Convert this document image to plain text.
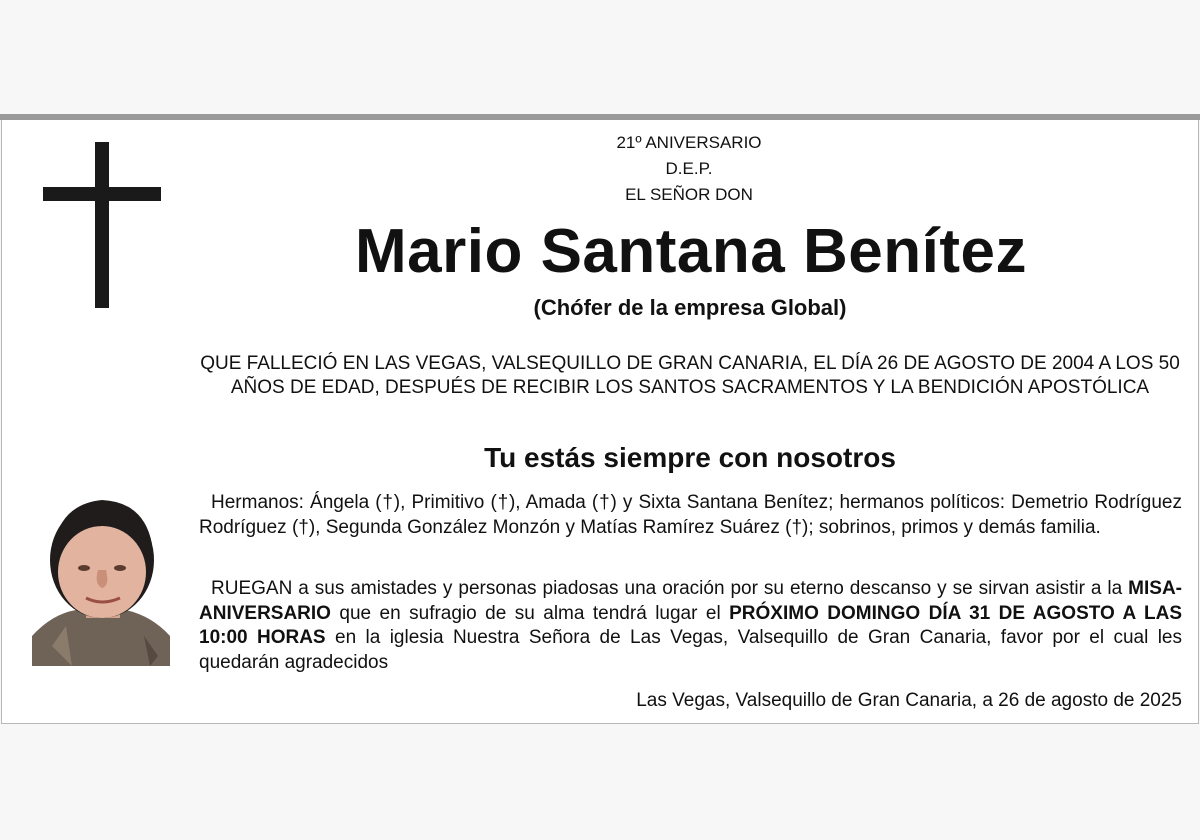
21º ANIVERSARIO
D.E.P.
EL SEÑOR DON
Mario Santana Benítez
(Chófer de la empresa Global)
QUE FALLECIÓ EN LAS VEGAS, VALSEQUILLO DE GRAN CANARIA, EL DÍA 26 DE AGOSTO DE 2004 A LOS 50 AÑOS DE EDAD, DESPUÉS DE RECIBIR LOS SANTOS SACRAMENTOS Y LA BENDICIÓN APOSTÓLICA
Tu estás siempre con nosotros
Hermanos: Ángela (†), Primitivo (†), Amada (†) y Sixta Santana Benítez; hermanos políticos: Demetrio Rodríguez Rodríguez (†), Segunda González Monzón y Matías Ramírez Suárez (†); sobrinos, primos y demás familia.
RUEGAN a sus amistades y personas piadosas una oración por su eterno descanso y se sirvan asistir a la MISA-ANIVERSARIO que en sufragio de su alma tendrá lugar el PRÓXIMO DOMINGO DÍA 31 DE AGOSTO A LAS 10:00 HORAS en la iglesia Nuestra Señora de Las Vegas, Valsequillo de Gran Canaria, favor por el cual les quedarán agradecidos
Las Vegas, Valsequillo de Gran Canaria, a 26 de agosto de 2025
